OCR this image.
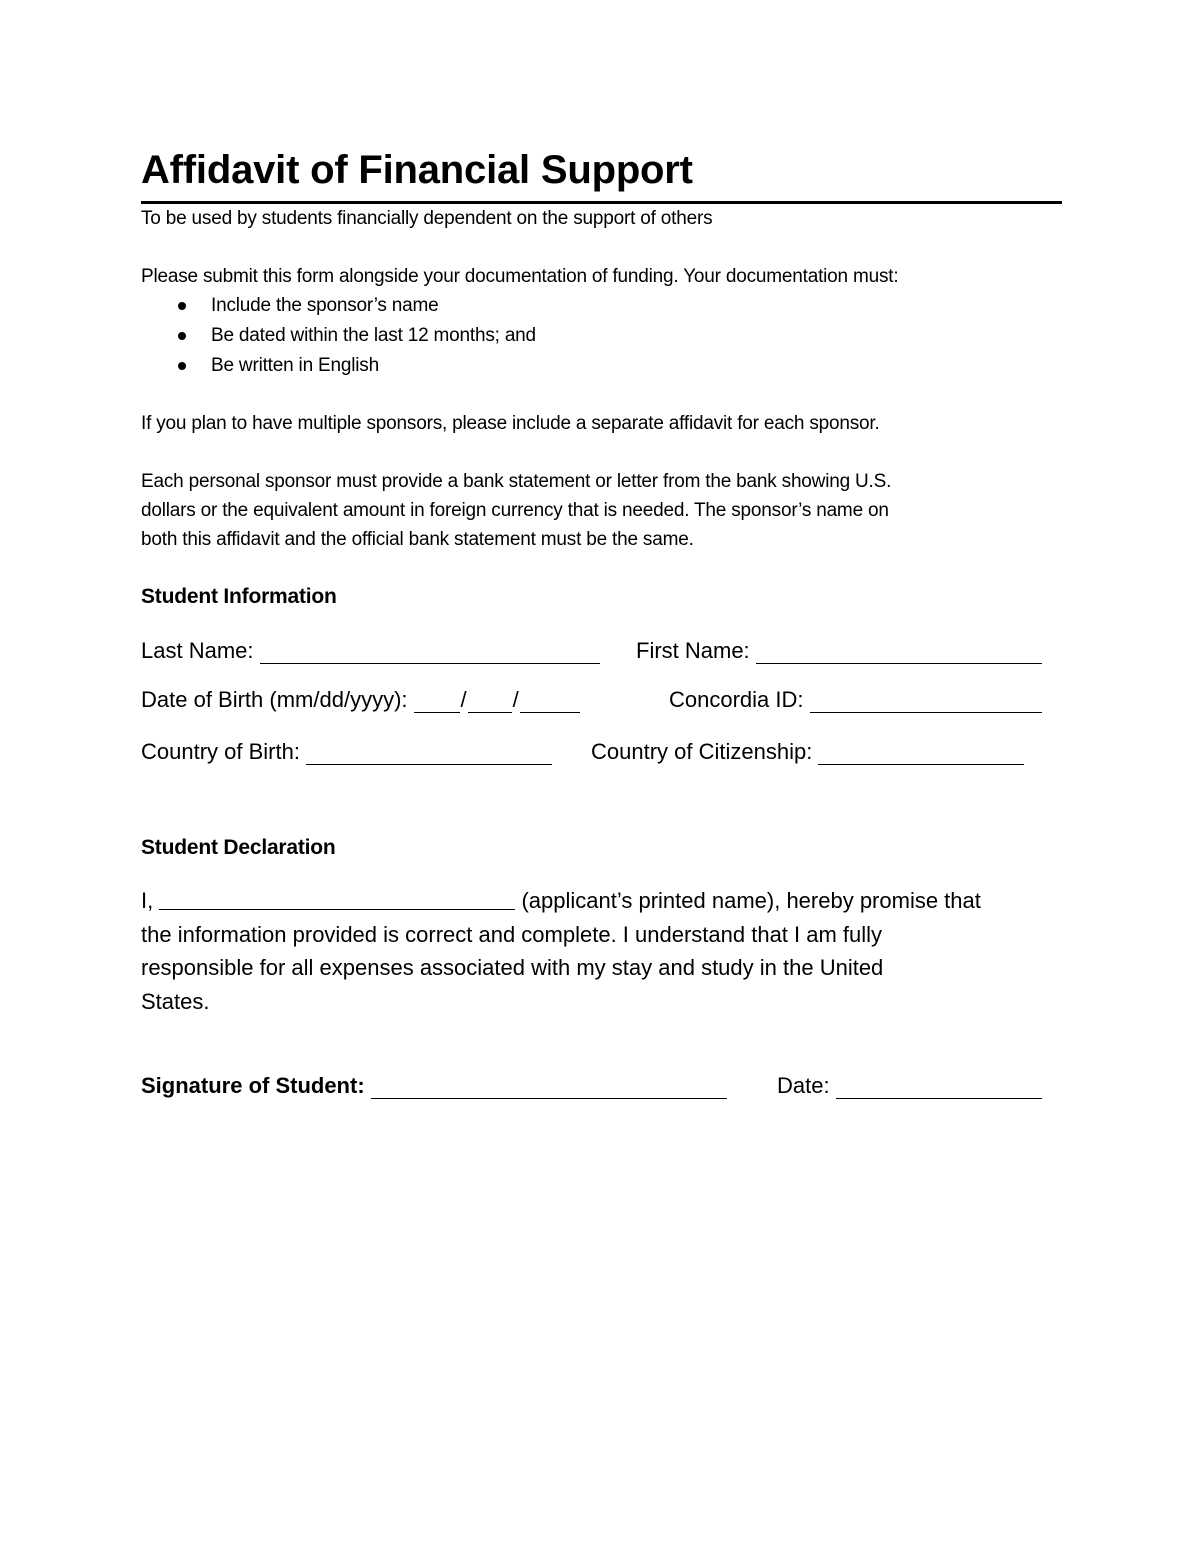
Affidavit of Financial Support
To be used by students financially dependent on the support of others
Please submit this form alongside your documentation of funding. Your documentation must:
Include the sponsor’s name
Be dated within the last 12 months; and
Be written in English
If you plan to have multiple sponsors, please include a separate affidavit for each sponsor.
Each personal sponsor must provide a bank statement or letter from the bank showing U.S.
dollars or the equivalent amount in foreign currency that is needed. The sponsor’s name on
both this affidavit and the official bank statement must be the same.
Student Information
Last Name:	First Name:
Date of Birth (mm/dd/yyyy): / /	Concordia ID:
Country of Birth:	Country of Citizenship:
Student Declaration
I,	(applicant’s printed name), hereby promise that
the information provided is correct and complete. I understand that I am fully
responsible for all expenses associated with my stay and study in the United
States.
Signature of Student:	Date:
